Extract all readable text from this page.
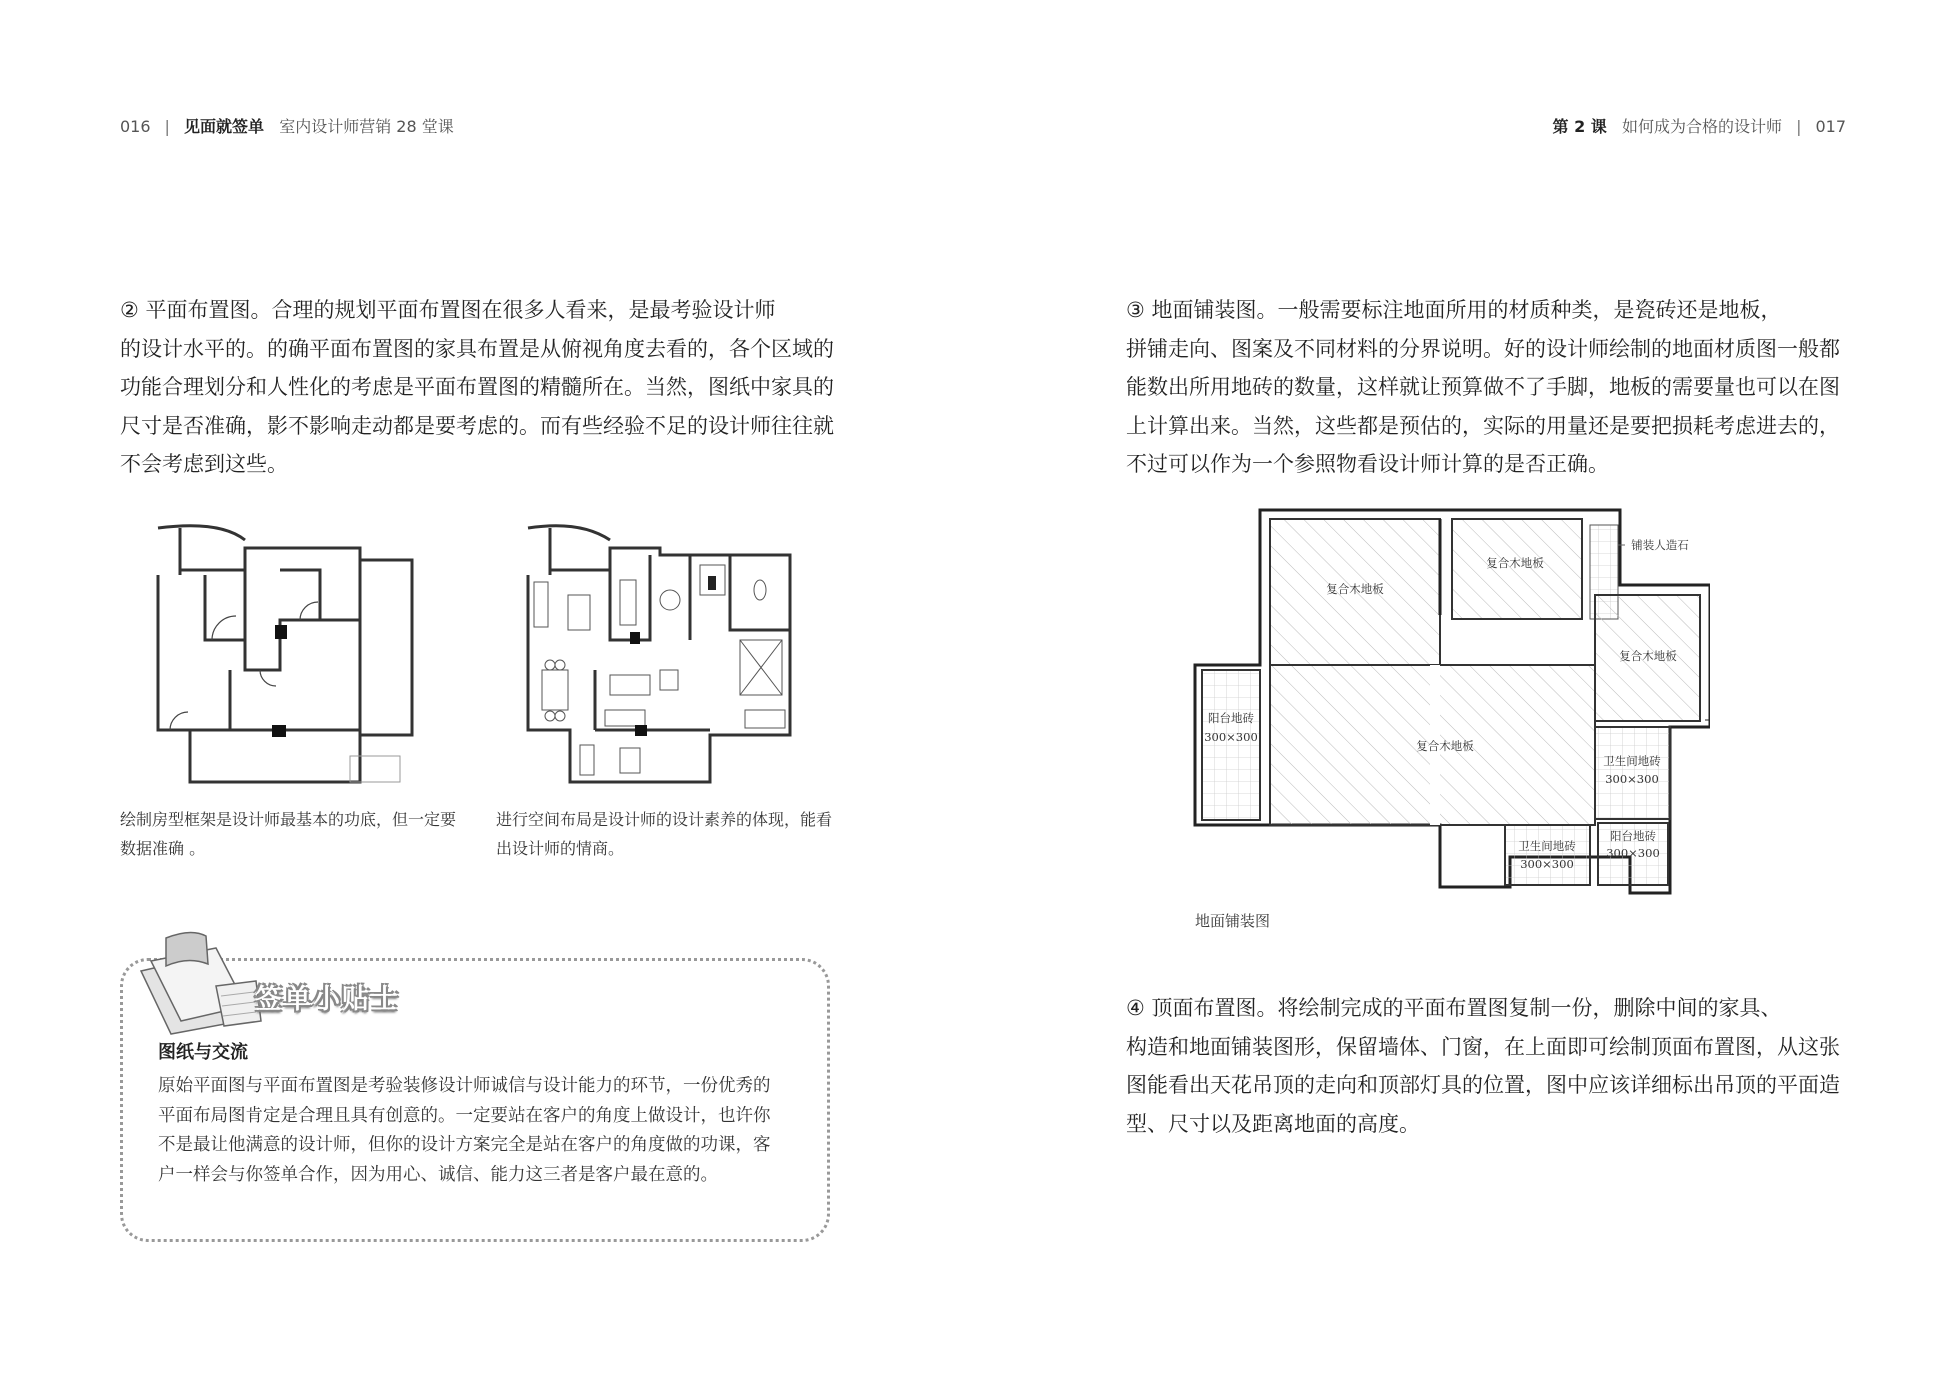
016 | 见面就签单 室内设计师营销 28 堂课	第 2 课 如何成为合格的设计师 | 017

② 平面布置图。合理的规划平面布置图在很多人看来，是最考验设计师
的设计水平的。的确平面布置图的家具布置是从俯视角度去看的，各个区域的
功能合理划分和人性化的考虑是平面布置图的精髓所在。当然，图纸中家具的
尺寸是否准确，影不影响走动都是要考虑的。而有些经验不足的设计师往往就
不会考虑到这些。

绘制房型框架是设计师最基本的功底，但一定要
数据准确 。

进行空间布局是设计师的设计素养的体现，能看
出设计师的情商。

签单小贴士
图纸与交流

原始平面图与平面布置图是考验装修设计师诚信与设计能力的环节，一份优秀的
平面布局图肯定是合理且具有创意的。一定要站在客户的角度上做设计，也许你
不是最让他满意的设计师，但你的设计方案完全是站在客户的角度做的功课，客
户一样会与你签单合作，因为用心、诚信、能力这三者是客户最在意的。

③ 地面铺装图。一般需要标注地面所用的材质种类，是瓷砖还是地板，
拼铺走向、图案及不同材料的分界说明。好的设计师绘制的地面材质图一般都
能数出所用地砖的数量，这样就让预算做不了手脚，地板的需要量也可以在图
上计算出来。当然，这些都是预估的，实际的用量还是要把损耗考虑进去的，
不过可以作为一个参照物看设计师计算的是否正确。

复合木地板
复合木地板
复合木地板
复合木地板
阳台地砖
300×300
卫生间地砖
300×300
卫生间地砖
300×300
阳台地砖
300×300
铺装人造石
地面铺装图

④ 顶面布置图。将绘制完成的平面布置图复制一份，删除中间的家具、
构造和地面铺装图形，保留墙体、门窗，在上面即可绘制顶面布置图，从这张
图能看出天花吊顶的走向和顶部灯具的位置，图中应该详细标出吊顶的平面造
型、尺寸以及距离地面的高度。
